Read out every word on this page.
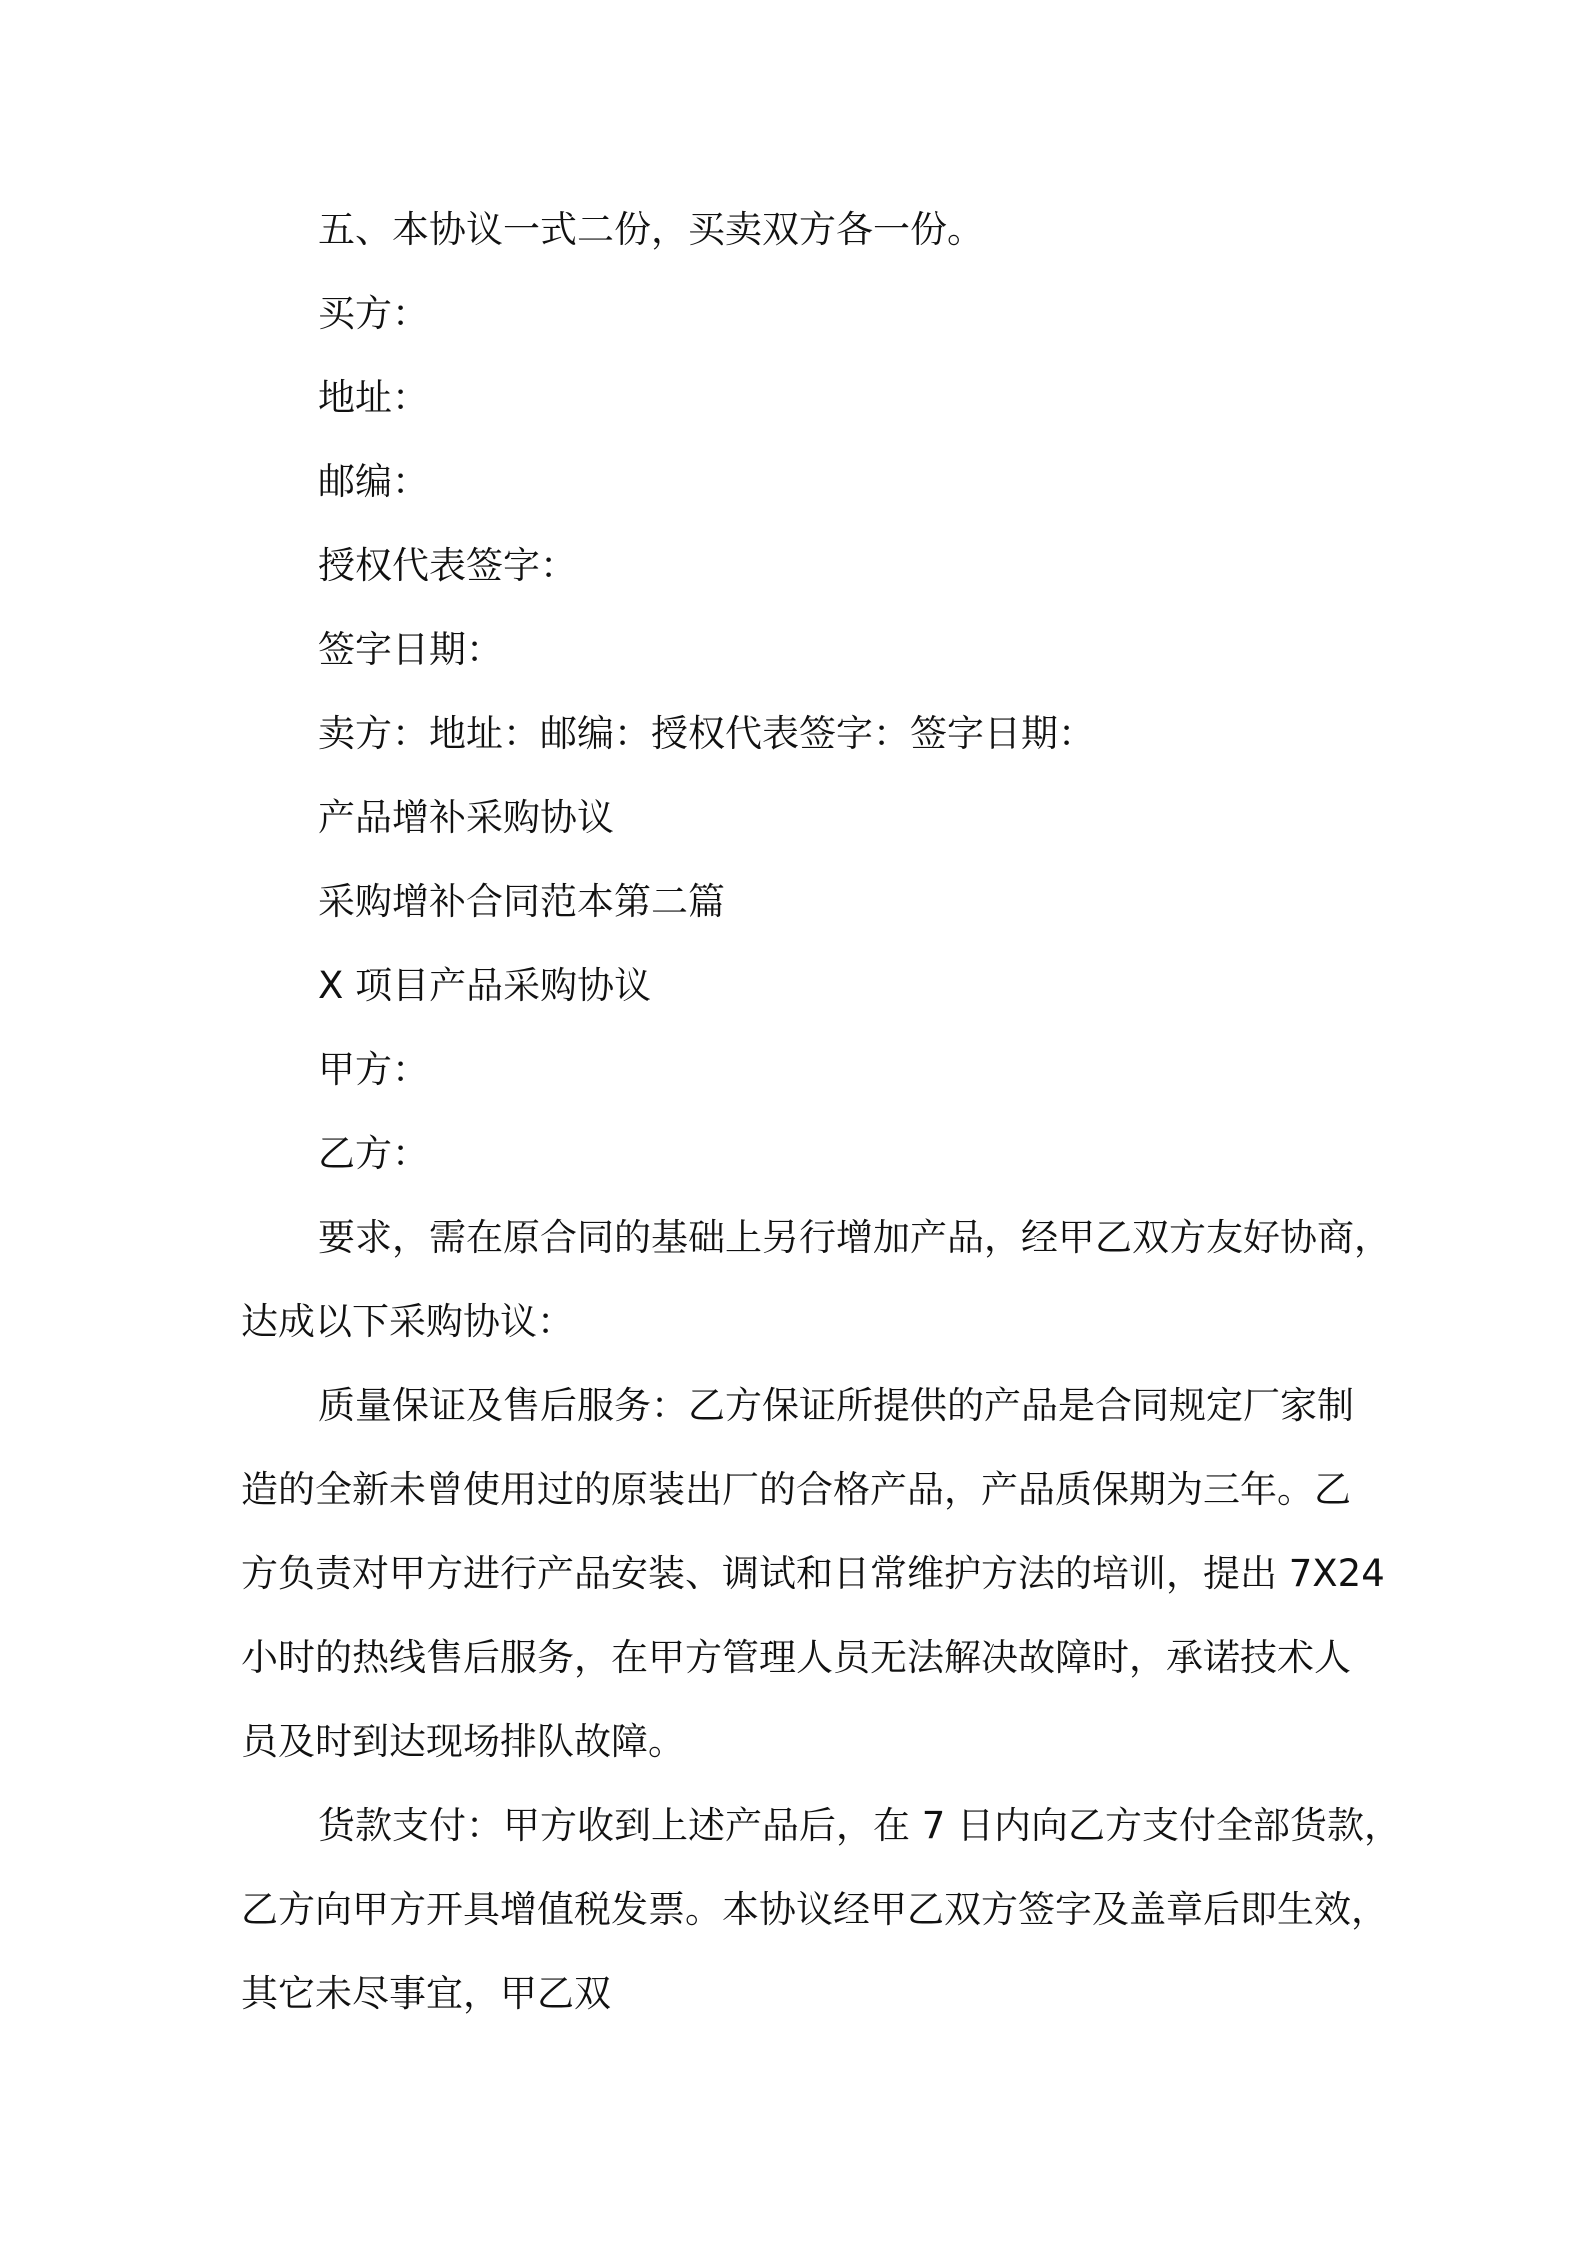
五、本协议一式二份，买卖双方各一份。

买方：

地址：

邮编：

授权代表签字：

签字日期：

卖方：地址：邮编：授权代表签字：签字日期：

产品增补采购协议

采购增补合同范本第二篇

X 项目产品采购协议

甲方：

乙方：

要求，需在原合同的基础上另行增加产品，经甲乙双方友好协商，

达成以下采购协议：

质量保证及售后服务：乙方保证所提供的产品是合同规定厂家制

造的全新未曾使用过的原装出厂的合格产品，产品质保期为三年。乙

方负责对甲方进行产品安装、调试和日常维护方法的培训，提出 7X24

小时的热线售后服务，在甲方管理人员无法解决故障时，承诺技术人

员及时到达现场排队故障。

货款支付：甲方收到上述产品后，在 7 日内向乙方支付全部货款，

乙方向甲方开具增值税发票。本协议经甲乙双方签字及盖章后即生效，

其它未尽事宜，甲乙双
